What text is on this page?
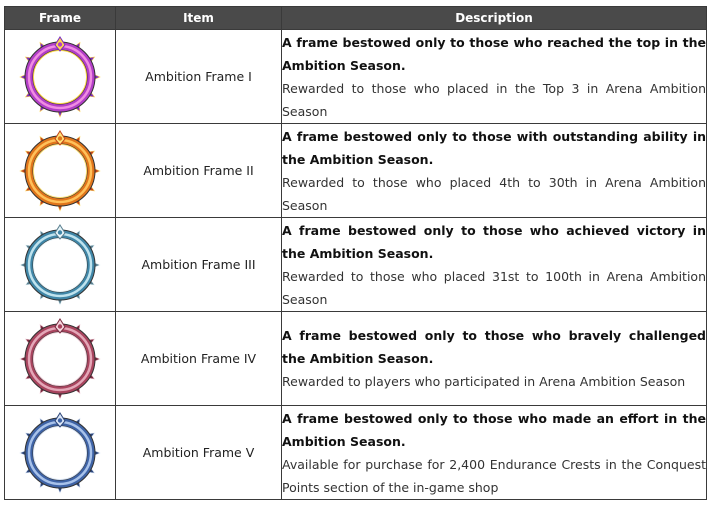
Frame	Item	Description

	Ambition Frame I	A frame bestowed only to those who reached the top in the Ambition Season.
Rewarded to those who placed in the Top 3 in Arena Ambition Season

	Ambition Frame II	A frame bestowed only to those with outstanding ability in the Ambition Season.
Rewarded to those who placed 4th to 30th in Arena Ambition Season

	Ambition Frame III	A frame bestowed only to those who achieved victory in the Ambition Season.
Rewarded to those who placed 31st to 100th in Arena Ambition Season

	Ambition Frame IV	A frame bestowed only to those who bravely challenged the Ambition Season.
Rewarded to players who participated in Arena Ambition Season

	Ambition Frame V	A frame bestowed only to those who made an effort in the Ambition Season.
Available for purchase for 2,400 Endurance Crests in the Conquest Points section of the in-game shop
